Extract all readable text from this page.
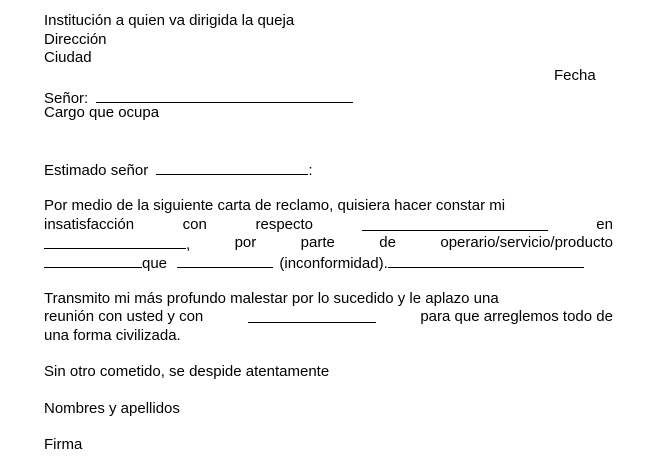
Institución a quien va dirigida la queja
Dirección
Ciudad
Fecha
Señor:
Cargo que ocupa
Estimado señor	:
Por medio de la siguiente carta de reclamo, quisiera hacer constar mi
insatisfacción	con	respecto	en
,	por	parte	de	operario/servicio/producto
que	(inconformidad).
Transmito mi más profundo malestar por lo sucedido y le aplazo una
reunión con usted y con	para que arreglemos todo de
una forma civilizada.
Sin otro cometido, se despide atentamente
Nombres y apellidos
Firma
